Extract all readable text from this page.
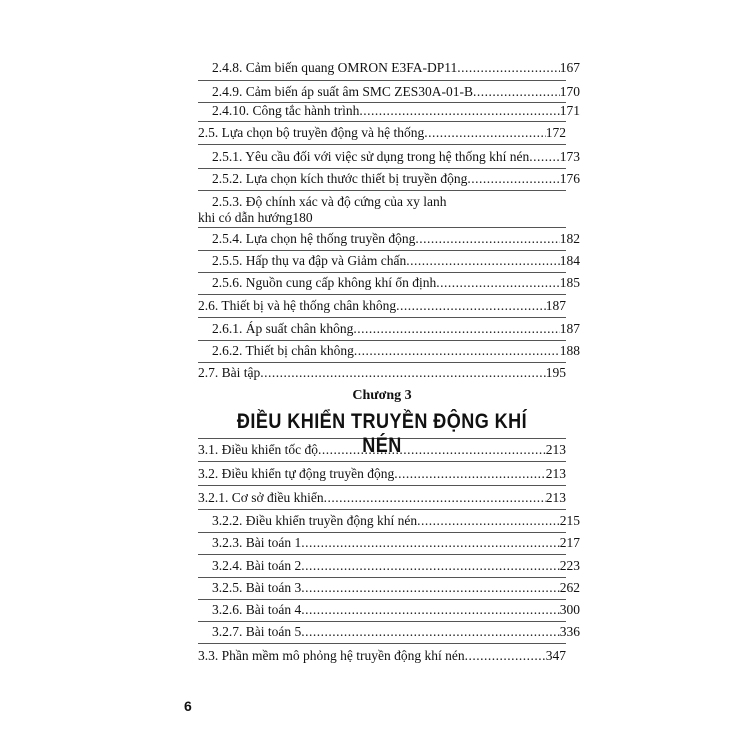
2.4.8. Cảm biến quang OMRON E3FA-DP11 .....	167
2.4.9. Cảm biến áp suất âm SMC ZES30A-01-B .....	170
2.4.10. Công tắc hành trình .....	171
2.5. Lựa chọn bộ truyền động và hệ thống .....	172
2.5.1. Yêu cầu đối với việc sử dụng trong hệ thống khí nén ..... 173
2.5.2. Lựa chọn kích thước thiết bị truyền động .....	176
2.5.3. Độ chính xác và độ cứng của xy lanh
khi có dẫn hướng 180
2.5.4. Lựa chọn hệ thống truyền động .....	182
2.5.5. Hấp thụ va đập và Giảm chấn .....	184
2.5.6. Nguồn cung cấp không khí ổn định .....	185
2.6. Thiết bị và hệ thống chân không .....	187
2.6.1. Áp suất chân không .....	187
2.6.2. Thiết bị chân không .....	188
2.7. Bài tập .....	195
3.1. Điều khiển tốc độ .....	213
3.2. Điều khiển tự động truyền động .....	213
3.2.1. Cơ sở điều khiển .....	213
3.2.2. Điều khiển truyền động khí nén .....	215
3.2.3. Bài toán 1 .....	217
3.2.4. Bài toán 2 .....	223
3.2.5. Bài toán 3 .....	262
3.2.6. Bài toán 4 .....	300
3.2.7. Bài toán 5 .....	336
3.3. Phần mềm mô phỏng hệ truyền động khí nén .....	347
Chương 3
ĐIỀU KHIỂN TRUYỀN ĐỘNG KHÍ NÉN
6
